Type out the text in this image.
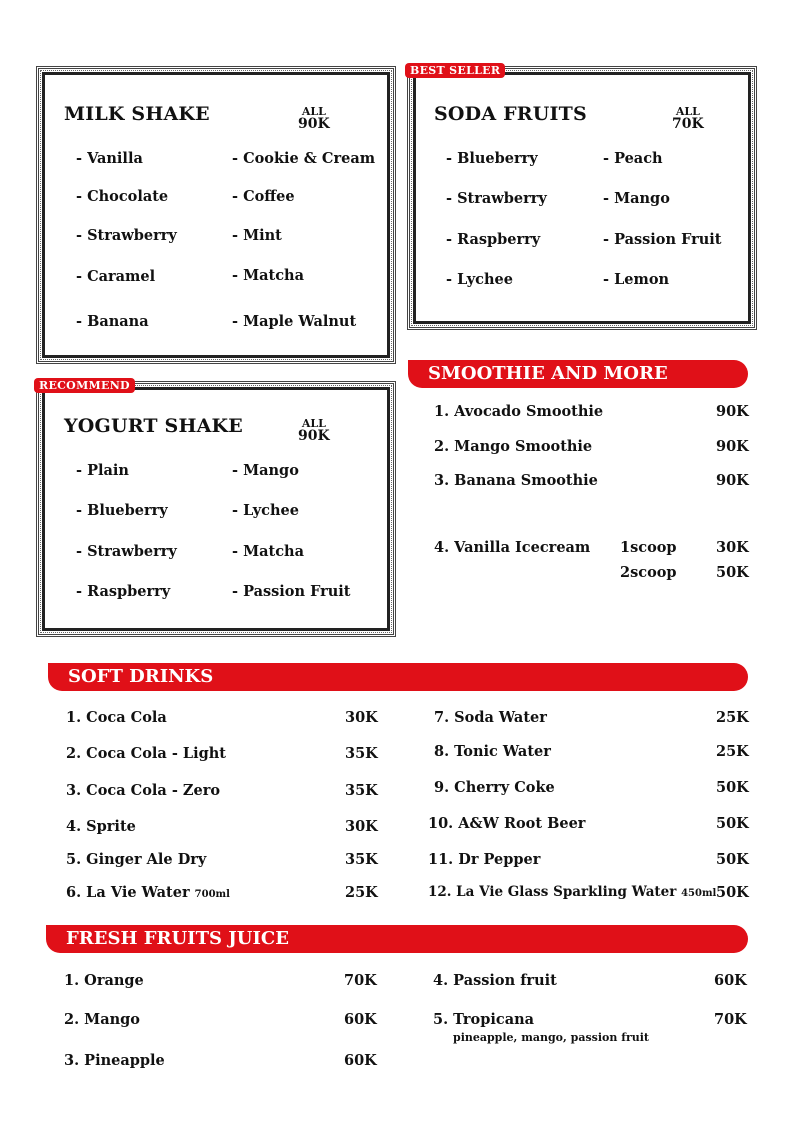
MILK SHAKE	ALL
90K
- Vanilla
- Chocolate
- Strawberry
- Caramel
- Banana
- Cookie & Cream
- Coffee
- Mint
- Matcha
- Maple Walnut
BEST SELLER
SODA FRUITS	ALL
70K
- Blueberry
- Strawberry
- Raspberry
- Lychee
- Peach
- Mango
- Passion Fruit
- Lemon
RECOMMEND
YOGURT SHAKE	ALL
90K
- Plain
- Blueberry
- Strawberry
- Raspberry
- Mango
- Lychee
- Matcha
- Passion Fruit
SMOOTHIE AND MORE
1. Avocado Smoothie	90K
2. Mango Smoothie	90K
3. Banana Smoothie	90K
4. Vanilla Icecream 1scoop	30K
2scoop	50K
SOFT DRINKS
1. Coca Cola	30K
2. Coca Cola - Light	35K
3. Coca Cola - Zero	35K
4. Sprite	30K
5. Ginger Ale Dry	35K
6. La Vie Water 700ml	25K
7. Soda Water	25K
8. Tonic Water	25K
9. Cherry Coke	50K
10. A&W Root Beer	50K
11. Dr Pepper	50K
12. La Vie Glass Sparkling Water 450ml 50K
FRESH FRUITS JUICE
1. Orange	70K
2. Mango	60K
3. Pineapple	60K
4. Passion fruit	60K
5. Tropicana	70K
pineapple, mango, passion fruit
